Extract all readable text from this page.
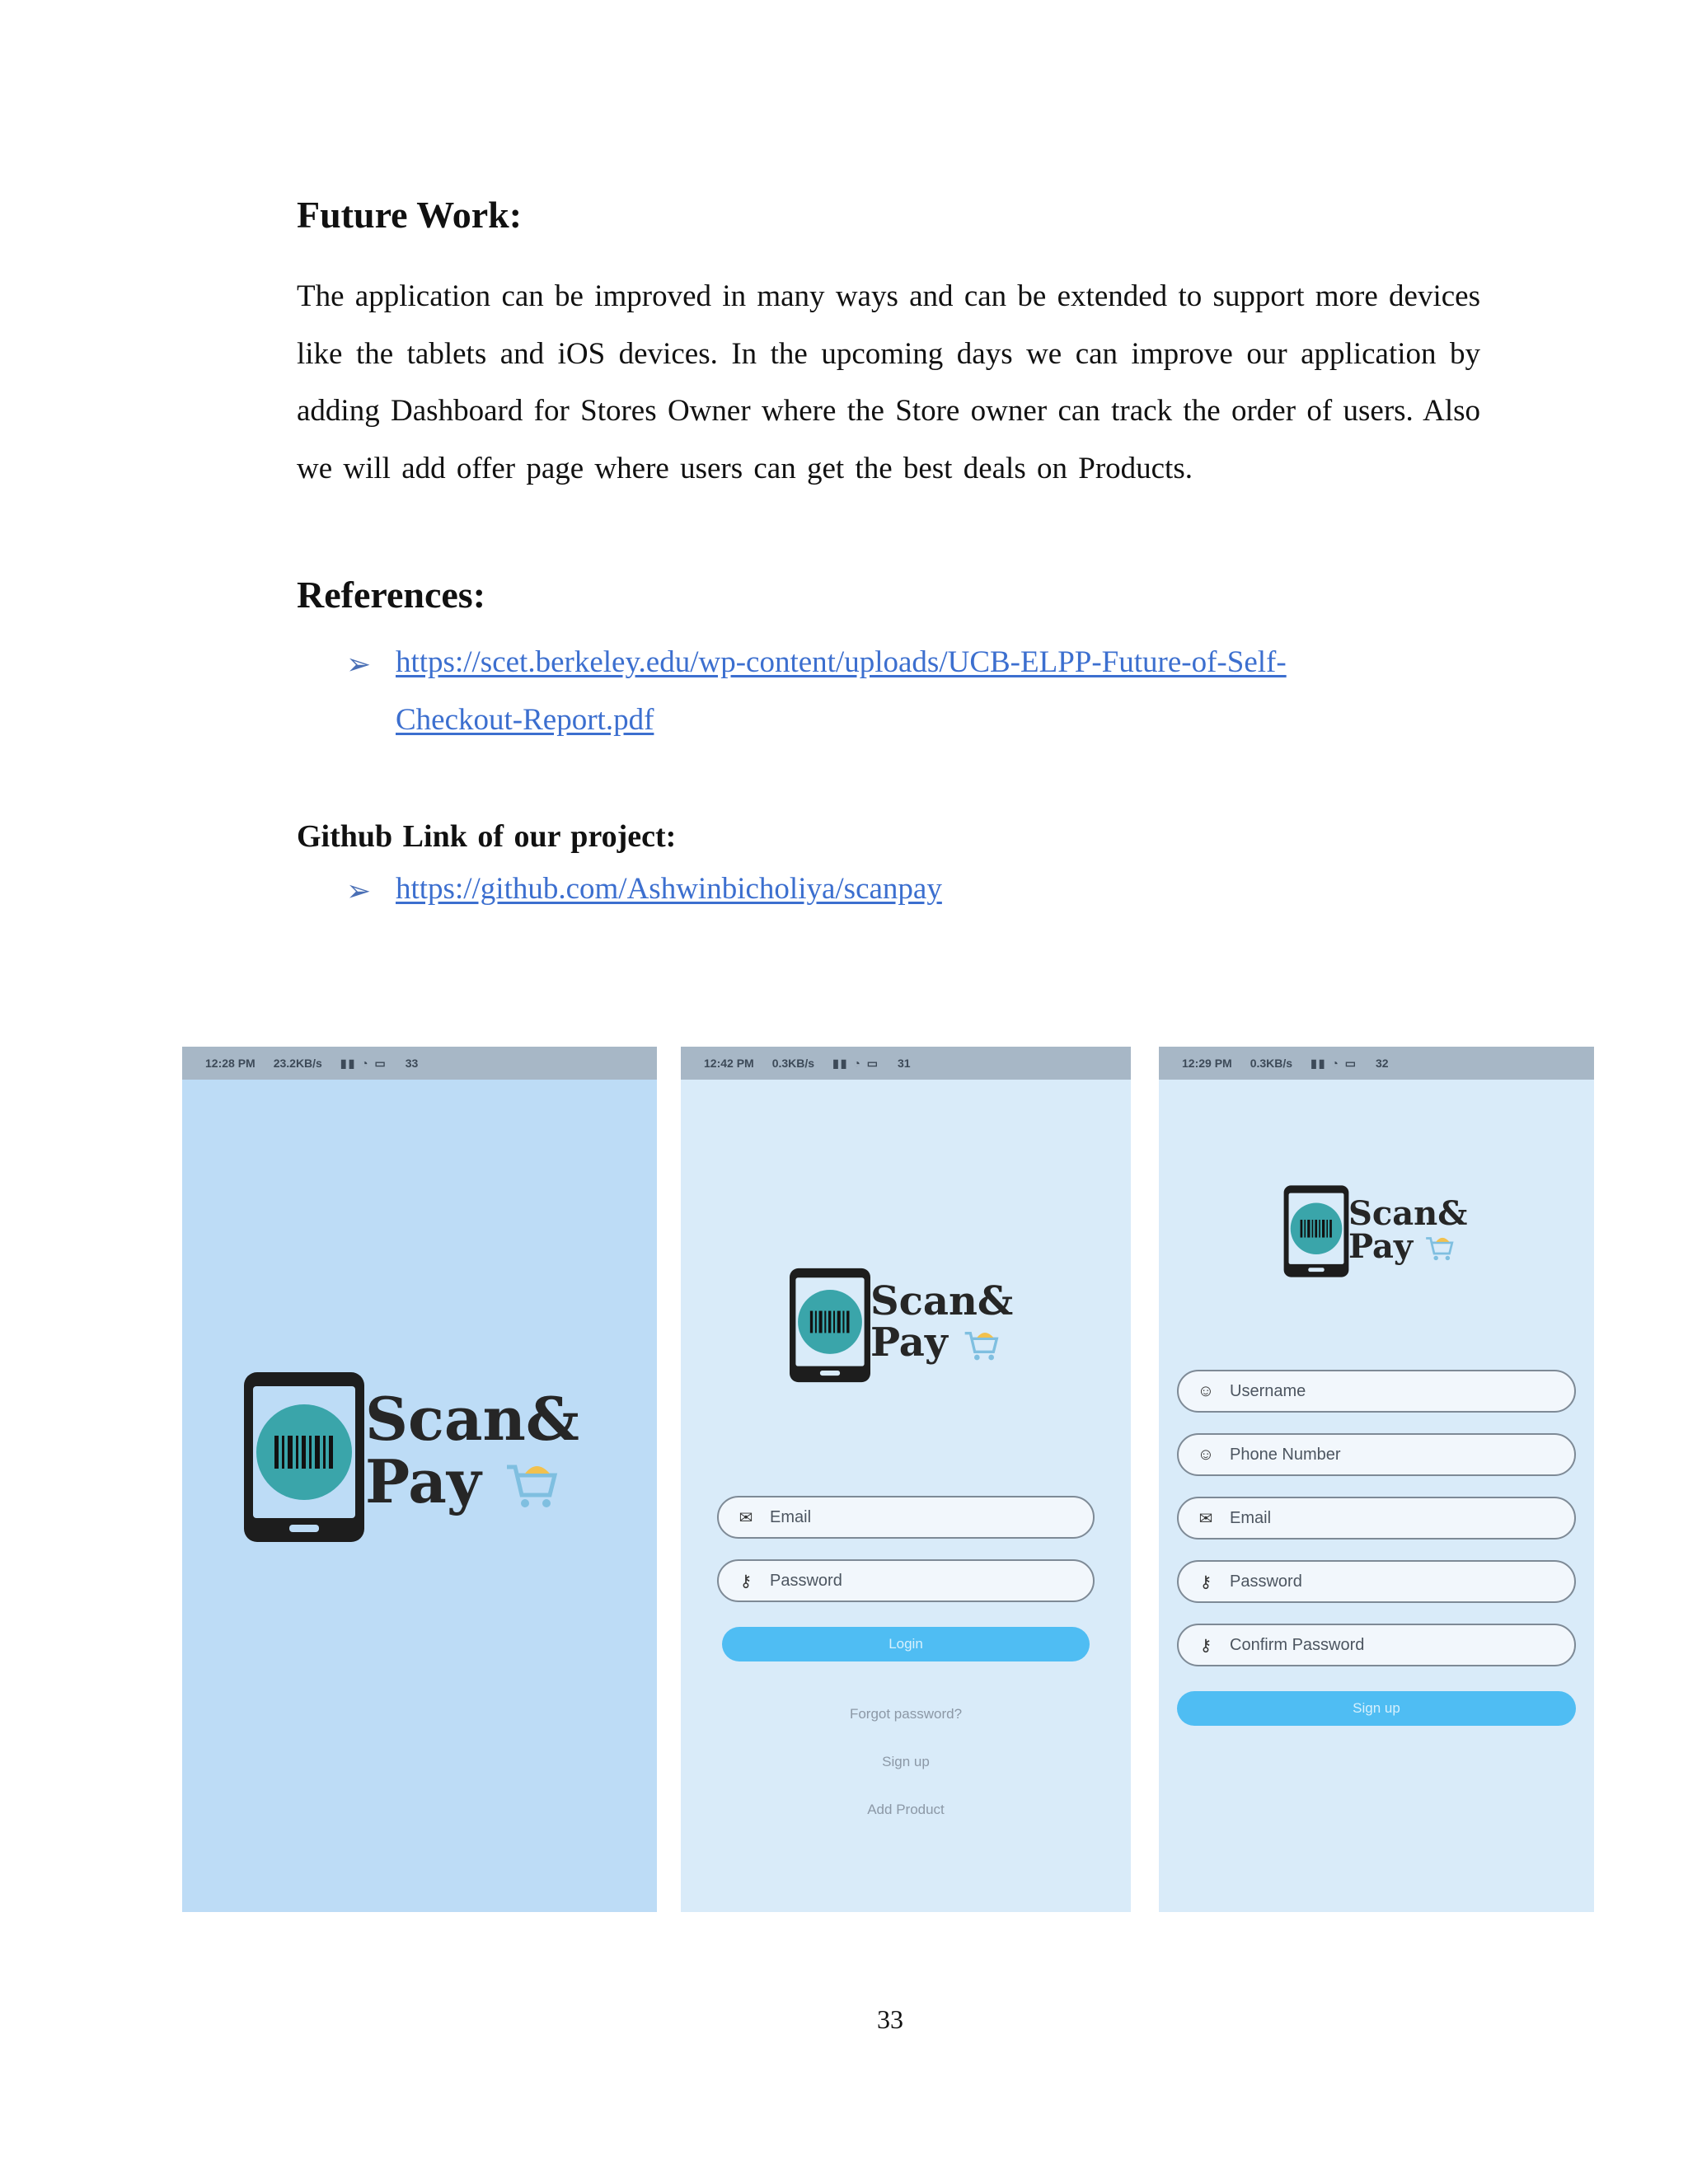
Future Work:
The application can be improved in many ways and can be extended to support more devices like the tablets and iOS devices. In the upcoming days we can improve our application by adding Dashboard for Stores Owner where the Store owner can track the order of users. Also we will add offer page where users can get the best deals on Products.
References:
➢ https://scet.berkeley.edu/wp-content/uploads/UCB-ELPP-Future-of-Self-
Checkout-Report.pdf
Github Link of our project:
➢ https://github.com/Ashwinbicholiya/scanpay
12:28 PM 23.2KB/s ▮▮ ◔ ▭ 33
Scan&
Pay
12:42 PM 0.3KB/s ▮▮ ◔ ▭ 31
Scan&
Pay
✉ Email
⚷ Password
Login
Forgot password?
Sign up
Add Product
12:29 PM 0.3KB/s ▮▮ ◔ ▭ 32
Scan&
Pay
☺ Username
☺ Phone Number
✉ Email
⚷ Password
⚷ Confirm Password
Sign up
33
